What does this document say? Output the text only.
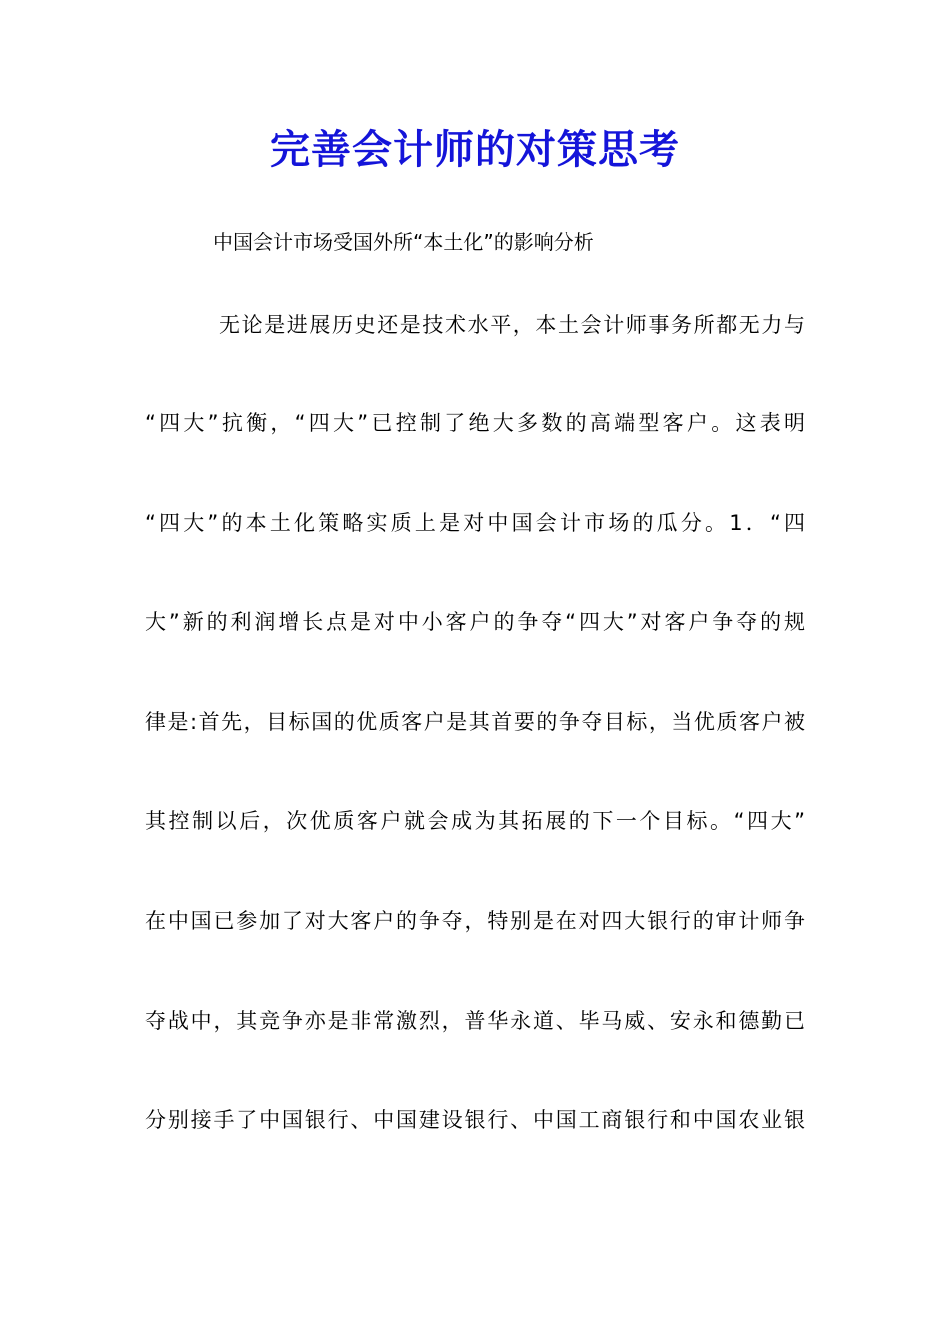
完善会计师的对策思考
中国会计市场受国外所“本土化”的影响分析
无论是进展历史还是技术水平，本土会计师事务所都无力与
“四大”抗衡，“四大”已控制了绝大多数的高端型客户。这表明
“四大”的本土化策略实质上是对中国会计市场的瓜分。1．“四
大”新的利润增长点是对中小客户的争夺“四大”对客户争夺的规
律是:首先，目标国的优质客户是其首要的争夺目标，当优质客户被
其控制以后，次优质客户就会成为其拓展的下一个目标。“四大”
在中国已参加了对大客户的争夺，特别是在对四大银行的审计师争
夺战中，其竞争亦是非常激烈，普华永道、毕马威、安永和德勤已
分别接手了中国银行、中国建设银行、中国工商银行和中国农业银
